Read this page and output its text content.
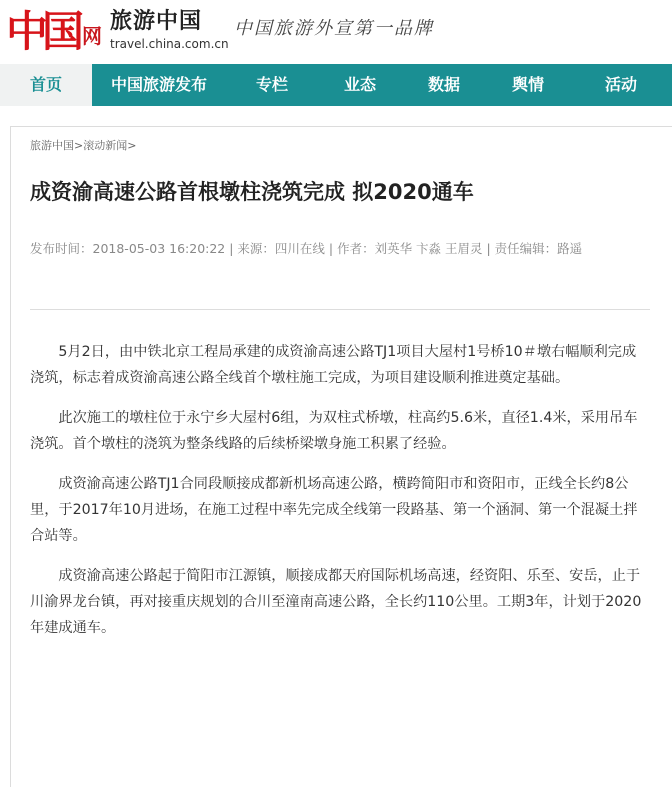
中国 网
旅游中国
travel.china.com.cn
中国旅游外宣第一品牌
首页	中国旅游发布	专栏	业态	数据	舆情	活动
旅游中国>滚动新闻>
成资渝高速公路首根墩柱浇筑完成 拟2020通车
发布时间：2018-05-03 16:20:22 | 来源：四川在线 | 作者：刘英华 卞淼 王眉灵 | 责任编辑：路遥

5月2日，由中铁北京工程局承建的成资渝高速公路TJ1项目大屋村1号桥10＃墩右幅顺利完成浇筑，标志着成资渝高速公路全线首个墩柱施工完成，为项目建设顺利推进奠定基础。

此次施工的墩柱位于永宁乡大屋村6组，为双柱式桥墩，柱高约5.6米，直径1.4米，采用吊车浇筑。首个墩柱的浇筑为整条线路的后续桥梁墩身施工积累了经验。

成资渝高速公路TJ1合同段顺接成都新机场高速公路，横跨简阳市和资阳市，正线全长约8公里，于2017年10月进场，在施工过程中率先完成全线第一段路基、第一个涵洞、第一个混凝土拌合站等。

成资渝高速公路起于简阳市江源镇，顺接成都天府国际机场高速，经资阳、乐至、安岳，止于川渝界龙台镇，再对接重庆规划的合川至潼南高速公路，全长约110公里。工期3年，计划于2020年建成通车。
